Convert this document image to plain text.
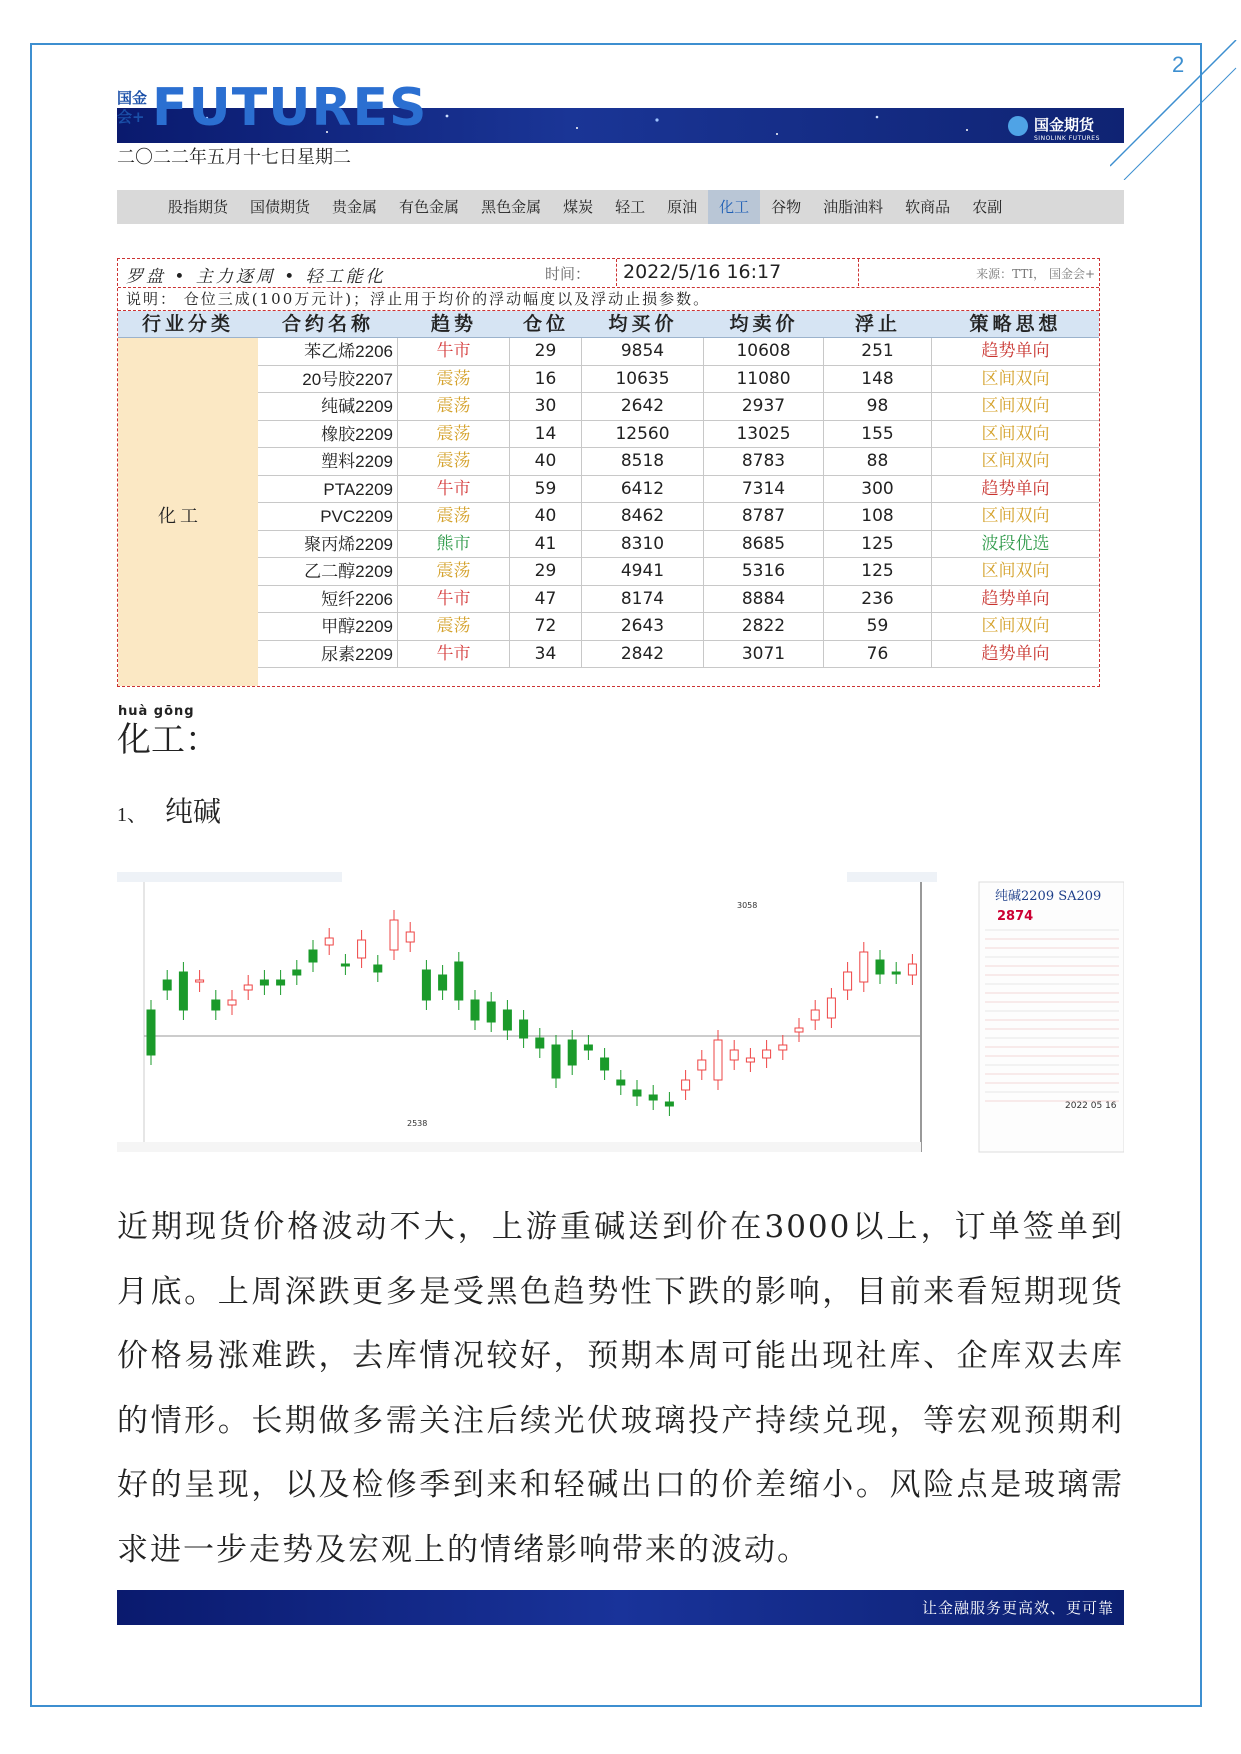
2
国金会+ FUTURES	国金期货
SINOLINK FUTURES
二〇二二年五月十七日星期二
股指期货	国债期货	贵金属	有色金属	黑色金属	煤炭	轻工	原油	化工	谷物	油脂油料	软商品	农副
罗盘 • 主力逐周 • 轻工能化	时间：	2022/5/16 16:17	来源：TTI， 国金会+
说明： 仓位三成(100万元计)；浮止用于均价的浮动幅度以及浮动止损参数。
行业分类	合约名称	趋势	仓位	均买价	均卖价	浮止	策略思想
化工
苯乙烯2206	牛市	29	9854	10608	251	趋势单向
20号胶2207	震荡	16	10635	11080	148	区间双向
纯碱2209	震荡	30	2642	2937	98	区间双向
橡胶2209	震荡	14	12560	13025	155	区间双向
塑料2209	震荡	40	8518	8783	88	区间双向
PTA2209	牛市	59	6412	7314	300	趋势单向
PVC2209	震荡	40	8462	8787	108	区间双向
聚丙烯2209	熊市	41	8310	8685	125	波段优选
乙二醇2209	震荡	29	4941	5316	125	区间双向
短纤2206	牛市	47	8174	8884	236	趋势单向
甲醇2209	震荡	72	2643	2822	59	区间双向
尿素2209	牛市	34	2842	3071	76	趋势单向
huà gōng
化工：
1、 纯碱
3058
2538
纯碱2209 SA209
2874
2022 05 16
近期现货价格波动不大，上游重碱送到价在3000以上，订单签单到月底。上周深跌更多是受黑色趋势性下跌的影响，目前来看短期现货价格易涨难跌，去库情况较好，预期本周可能出现社库、企库双去库的情形。长期做多需关注后续光伏玻璃投产持续兑现，等宏观预期利好的呈现，以及检修季到来和轻碱出口的价差缩小。风险点是玻璃需求进一步走势及宏观上的情绪影响带来的波动。
让金融服务更高效、更可靠
